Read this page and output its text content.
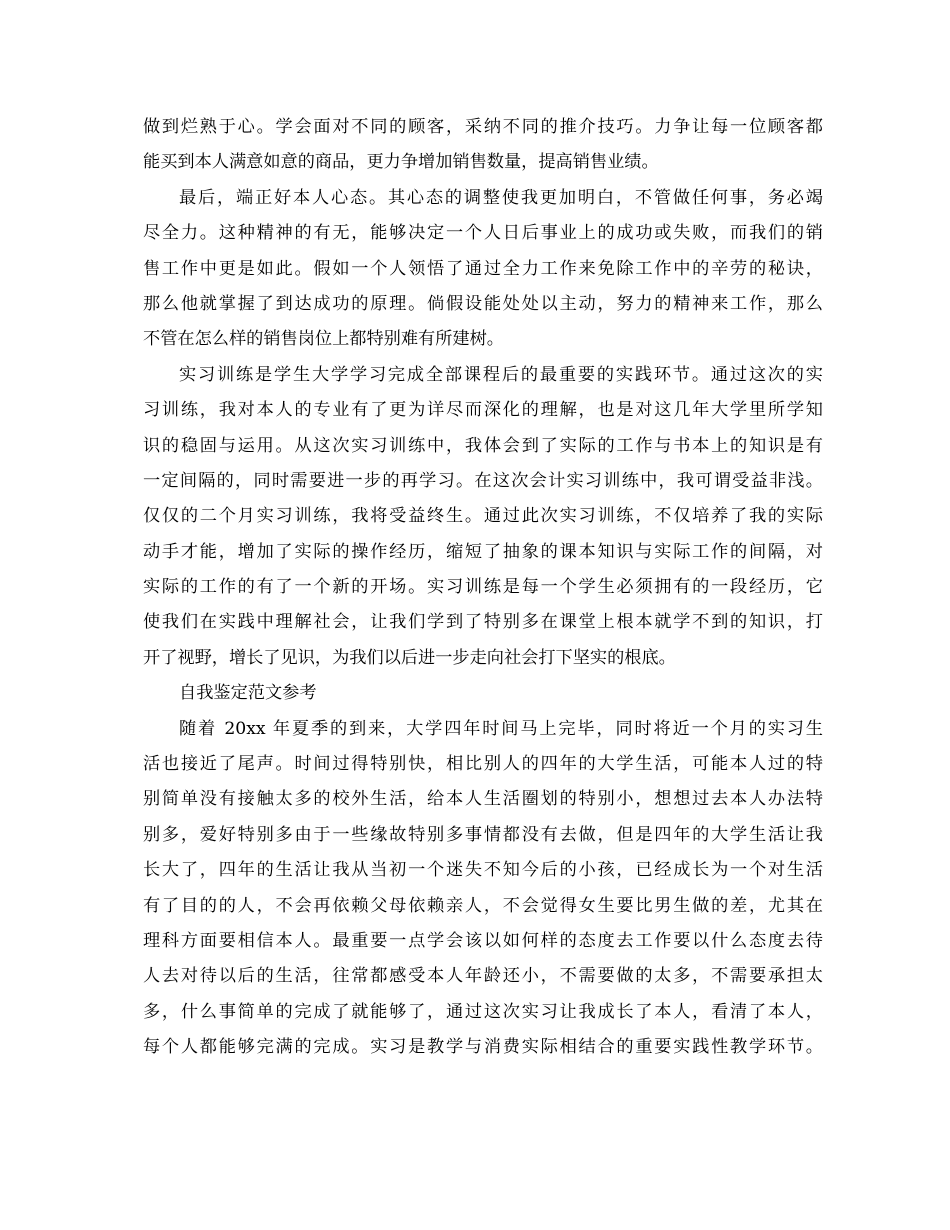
做到烂熟于心。学会面对不同的顾客，采纳不同的推介技巧。力争让每一位顾客都
能买到本人满意如意的商品，更力争增加销售数量，提高销售业绩。
最后，端正好本人心态。其心态的调整使我更加明白，不管做任何事，务必竭
尽全力。这种精神的有无，能够决定一个人日后事业上的成功或失败，而我们的销
售工作中更是如此。假如一个人领悟了通过全力工作来免除工作中的辛劳的秘诀，
那么他就掌握了到达成功的原理。倘假设能处处以主动，努力的精神来工作，那么
不管在怎么样的销售岗位上都特别难有所建树。
实习训练是学生大学学习完成全部课程后的最重要的实践环节。通过这次的实
习训练，我对本人的专业有了更为详尽而深化的理解，也是对这几年大学里所学知
识的稳固与运用。从这次实习训练中，我体会到了实际的工作与书本上的知识是有
一定间隔的，同时需要进一步的再学习。在这次会计实习训练中，我可谓受益非浅。
仅仅的二个月实习训练，我将受益终生。通过此次实习训练，不仅培养了我的实际
动手才能，增加了实际的操作经历，缩短了抽象的课本知识与实际工作的间隔，对
实际的工作的有了一个新的开场。实习训练是每一个学生必须拥有的一段经历，它
使我们在实践中理解社会，让我们学到了特别多在课堂上根本就学不到的知识，打
开了视野，增长了见识，为我们以后进一步走向社会打下坚实的根底。
自我鉴定范文参考
随着 20xx 年夏季的到来，大学四年时间马上完毕，同时将近一个月的实习生
活也接近了尾声。时间过得特别快，相比别人的四年的大学生活，可能本人过的特
别简单没有接触太多的校外生活，给本人生活圈划的特别小，想想过去本人办法特
别多，爱好特别多由于一些缘故特别多事情都没有去做，但是四年的大学生活让我
长大了，四年的生活让我从当初一个迷失不知今后的小孩，已经成长为一个对生活
有了目的的人，不会再依赖父母依赖亲人，不会觉得女生要比男生做的差，尤其在
理科方面要相信本人。最重要一点学会该以如何样的态度去工作要以什么态度去待
人去对待以后的生活，往常都感受本人年龄还小，不需要做的太多，不需要承担太
多，什么事简单的完成了就能够了，通过这次实习让我成长了本人，看清了本人，
每个人都能够完满的完成。实习是教学与消费实际相结合的重要实践性教学环节。
